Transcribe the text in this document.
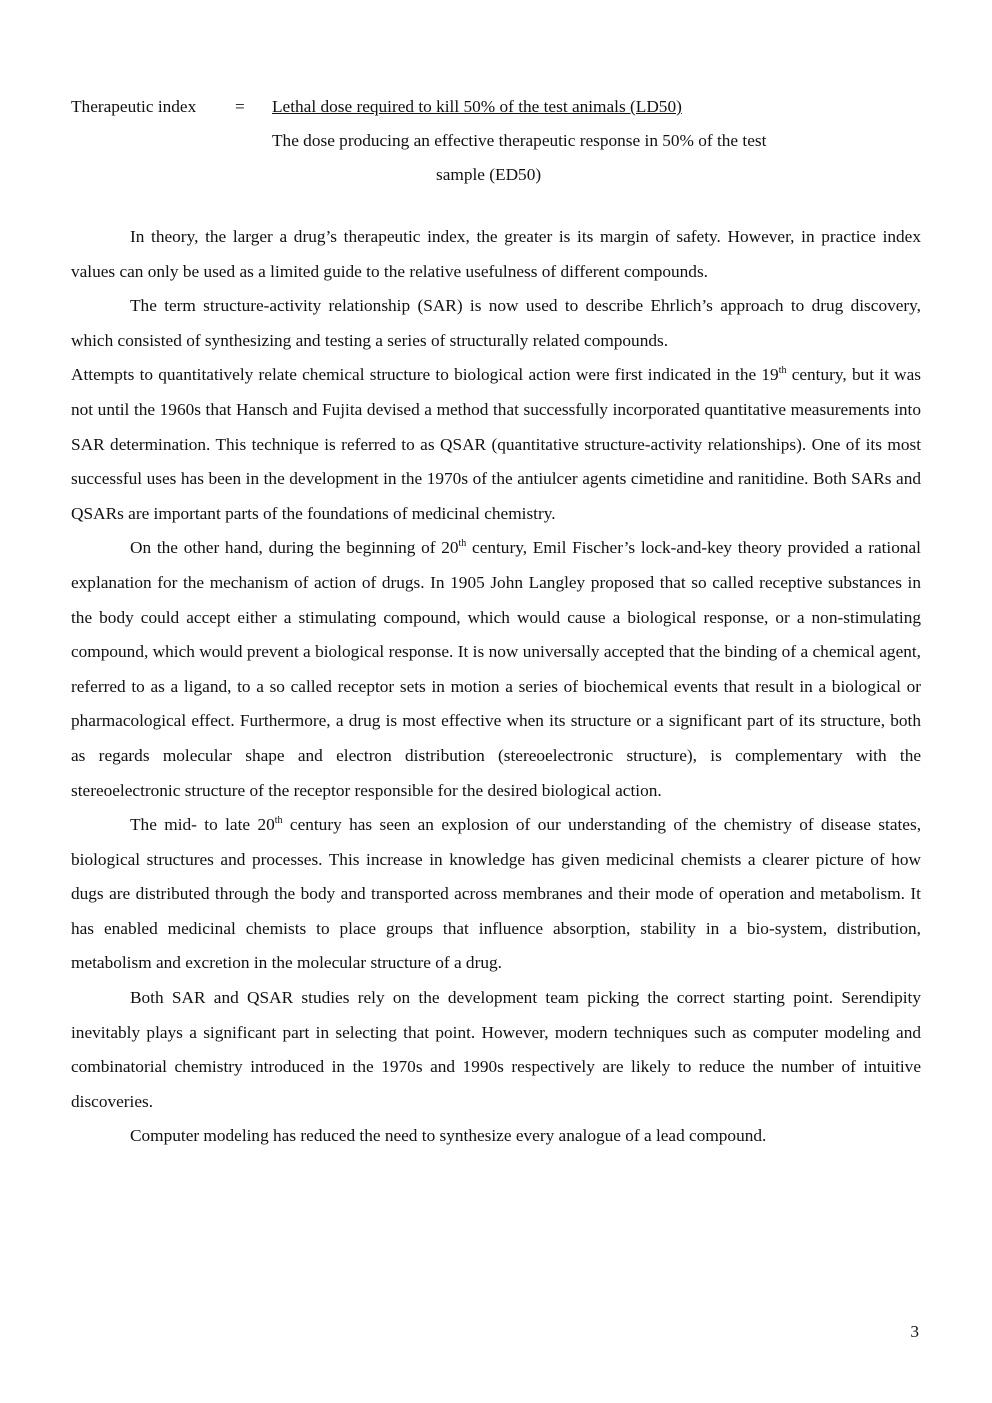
Therapeutic index = Lethal dose required to kill 50% of the test animals (LD50)
The dose producing an effective therapeutic response in 50% of the test
sample (ED50)

In theory, the larger a drug’s therapeutic index, the greater is its margin of safety. However, in practice index values can only be used as a limited guide to the relative usefulness of different compounds.

The term structure-activity relationship (SAR) is now used to describe Ehrlich’s approach to drug discovery, which consisted of synthesizing and testing a series of structurally related compounds.

Attempts to quantitatively relate chemical structure to biological action were first indicated in the 19th century, but it was not until the 1960s that Hansch and Fujita devised a method that successfully incorporated quantitative measurements into SAR determination. This technique is referred to as QSAR (quantitative structure-activity relationships). One of its most successful uses has been in the development in the 1970s of the antiulcer agents cimetidine and ranitidine. Both SARs and QSARs are important parts of the foundations of medicinal chemistry.

On the other hand, during the beginning of 20th century, Emil Fischer’s lock-and-key theory provided a rational explanation for the mechanism of action of drugs. In 1905 John Langley proposed that so called receptive substances in the body could accept either a stimulating compound, which would cause a biological response, or a non-stimulating compound, which would prevent a biological response. It is now universally accepted that the binding of a chemical agent, referred to as a ligand, to a so called receptor sets in motion a series of biochemical events that result in a biological or pharmacological effect. Furthermore, a drug is most effective when its structure or a significant part of its structure, both as regards molecular shape and electron distribution (stereoelectronic structure), is complementary with the stereoelectronic structure of the receptor responsible for the desired biological action.

The mid- to late 20th century has seen an explosion of our understanding of the chemistry of disease states, biological structures and processes. This increase in knowledge has given medicinal chemists a clearer picture of how dugs are distributed through the body and transported across membranes and their mode of operation and metabolism. It has enabled medicinal chemists to place groups that influence absorption, stability in a bio-system, distribution, metabolism and excretion in the molecular structure of a drug.

Both SAR and QSAR studies rely on the development team picking the correct starting point. Serendipity inevitably plays a significant part in selecting that point. However, modern techniques such as computer modeling and combinatorial chemistry introduced in the 1970s and 1990s respectively are likely to reduce the number of intuitive discoveries.

Computer modeling has reduced the need to synthesize every analogue of a lead compound.

3
